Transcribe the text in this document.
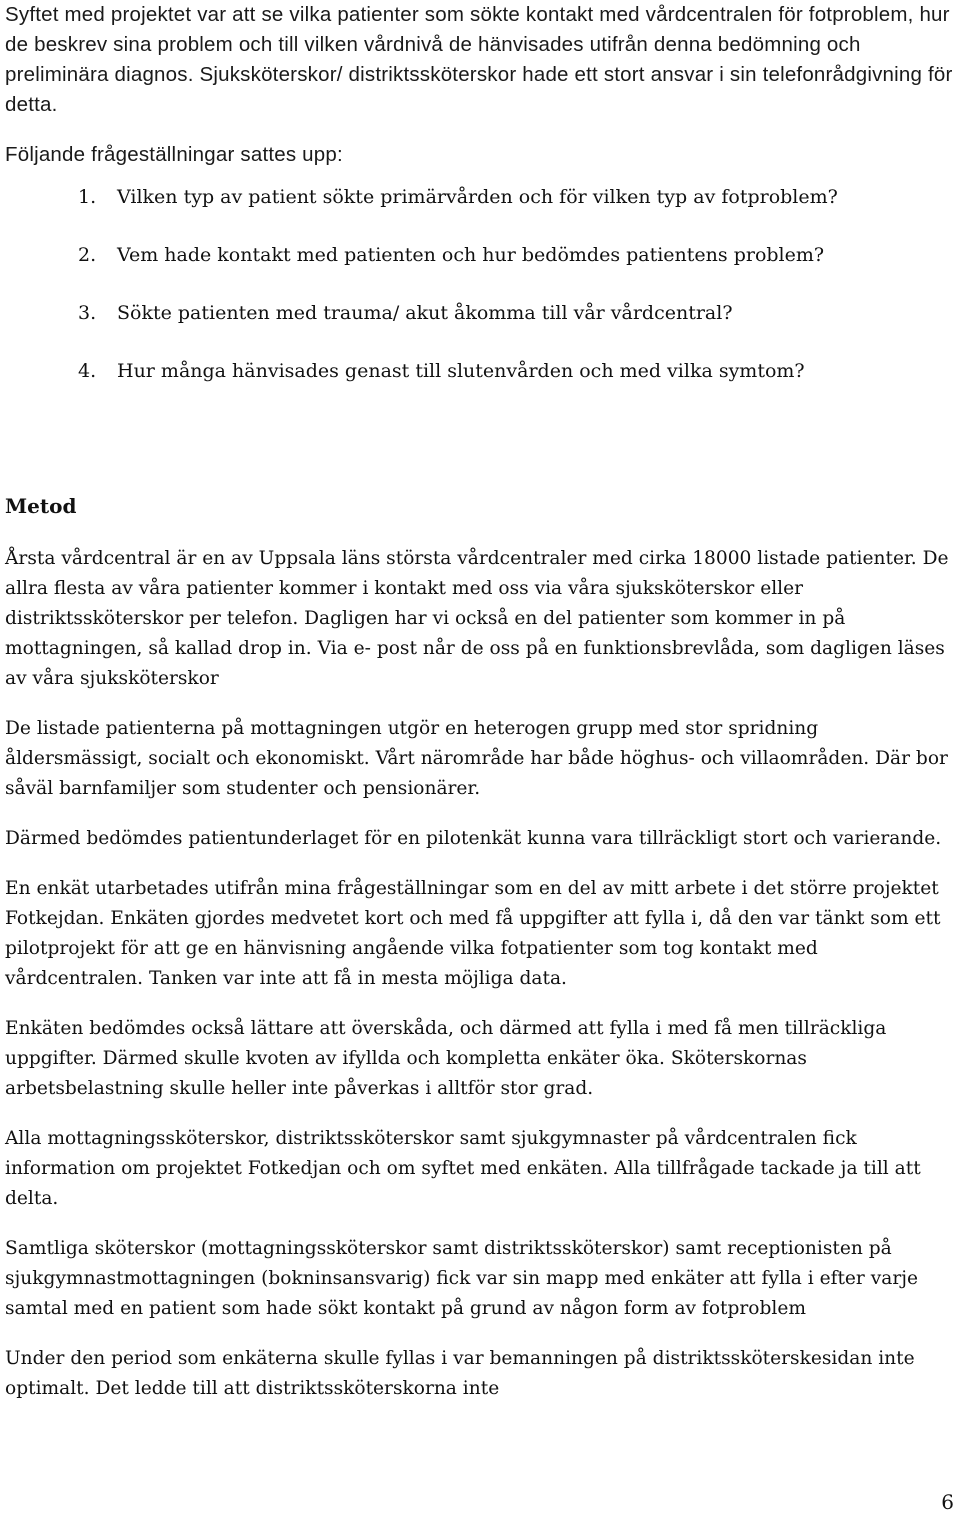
Syftet med projektet var att se vilka patienter som sökte kontakt med vårdcentralen för fotproblem, hur de beskrev sina problem och till vilken vårdnivå de hänvisades utifrån denna bedömning och preliminära diagnos. Sjuksköterskor/ distriktssköterskor hade ett stort ansvar i sin telefonrådgivning för detta.

Följande frågeställningar sattes upp:

1. Vilken typ av patient sökte primärvården och för vilken typ av fotproblem?
2. Vem hade kontakt med patienten och hur bedömdes patientens problem?
3. Sökte patienten med trauma/ akut åkomma till vår vårdcentral?
4. Hur många hänvisades genast till slutenvården och med vilka symtom?
Metod

Årsta vårdcentral är en av Uppsala läns största vårdcentraler med cirka 18000 listade patienter. De allra flesta av våra patienter kommer i kontakt med oss via våra sjuksköterskor eller distriktssköterskor per telefon. Dagligen har vi också en del patienter som kommer in på mottagningen, så kallad drop in. Via e- post når de oss på en funktionsbrevlåda, som dagligen läses av våra sjuksköterskor

De listade patienterna på mottagningen utgör en heterogen grupp med stor spridning åldersmässigt, socialt och ekonomiskt. Vårt närområde har både höghus- och villaområden. Där bor såväl barnfamiljer som studenter och pensionärer.

Därmed bedömdes patientunderlaget för en pilotenkät kunna vara tillräckligt stort och varierande.

En enkät utarbetades utifrån mina frågeställningar som en del av mitt arbete i det större projektet Fotkejdan. Enkäten gjordes medvetet kort och med få uppgifter att fylla i, då den var tänkt som ett pilotprojekt för att ge en hänvisning angående vilka fotpatienter som tog kontakt med vårdcentralen. Tanken var inte att få in mesta möjliga data.

Enkäten bedömdes också lättare att överskåda, och därmed att fylla i med få men tillräckliga uppgifter. Därmed skulle kvoten av ifyllda och kompletta enkäter öka. Sköterskornas arbetsbelastning skulle heller inte påverkas i alltför stor grad.

Alla mottagningssköterskor, distriktssköterskor samt sjukgymnaster på vårdcentralen fick information om projektet Fotkedjan och om syftet med enkäten. Alla tillfrågade tackade ja till att delta.

Samtliga sköterskor (mottagningssköterskor samt distriktssköterskor) samt receptionisten på sjukgymnastmottagningen (bokninsansvarig) fick var sin mapp med enkäter att fylla i efter varje samtal med en patient som hade sökt kontakt på grund av någon form av fotproblem

Under den period som enkäterna skulle fyllas i var bemanningen på distriktssköterskesidan inte optimalt. Det ledde till att distriktssköterskorna inte

6
